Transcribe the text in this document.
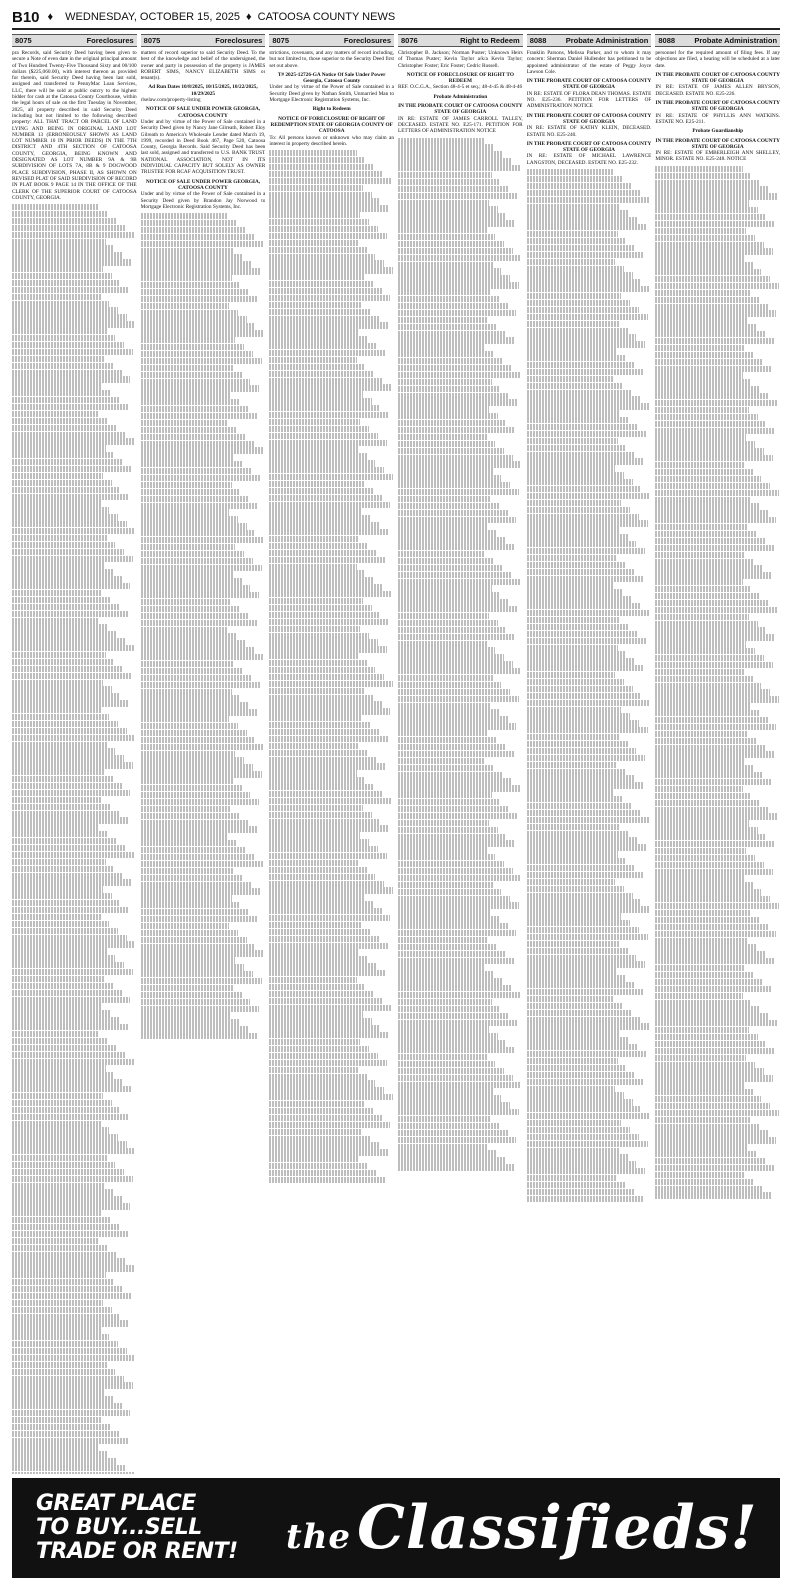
B10 ♦ WEDNESDAY, OCTOBER 15, 2025 ♦ CATOOSA COUNTY NEWS
8075	Foreclosures
pra Records, said Security Deed having been given to secure a Note of even date in the original principal amount of Two Hundred Twenty-Five Thousand Sixty and 00/100 dollars ($225,060.00), with interest thereon as provided for therein, said Security Deed having been last sold, assigned and transferred to PennyMac Loan Services, LLC, there will be sold at public outcry to the highest bidder for cash at the Catoosa County Courthouse, within the legal hours of sale on the first Tuesday in November, 2025, all property described in said Security Deed including but not limited to the following described property: ALL THAT TRACT OR PARCEL OF LAND LYING AND BEING IN ORIGINAL LAND LOT NUMBER 13 (ERRONEOUSLY SHOWN AS LAND LOT NUMBER 10 IN PRIOR DEEDS) IN THE 7TH DISTRICT AND 4TH SECTION OF CATOOSA COUNTY, GEORGIA, BEING KNOWN AND DESIGNATED AS LOT NUMBER 9A & 9B SUBDIVISION OF LOTS 7A, 8B & 9 DOGWOOD PLACE SUBDIVISION, PHASE II, AS SHOWN ON REVISED PLAT OF SAID SUBDIVISION OF RECORD IN PLAT BOOK 9 PAGE 14 IN THE OFFICE OF THE CLERK OF THE SUPERIOR COURT OF CATOOSA COUNTY, GEORGIA.
8075	Foreclosures
matters of record superior to said Security Deed. To the best of the knowledge and belief of the undersigned, the owner and party in possession of the property is JAMES ROBERT SIMS, NANCY ELIZABETH SIMS or tenant(s).
Ad Run Dates 10/8/2025, 10/15/2025, 10/22/2025, 10/29/2025
rlselaw.com/property-listing
NOTICE OF SALE UNDER POWER GEORGIA, CATOOSA COUNTY
Under and by virtue of the Power of Sale contained in a Security Deed given by Nancy Jane Gilreath, Robert Eloy Gilreath to America's Wholesale Lender dated March 19, 1999, recorded in Deed Book 467, Page 520, Catoosa County, Georgia Records. Said Security Deed has been last sold, assigned and transferred to U.S. BANK TRUST NATIONAL ASSOCIATION, NOT IN ITS INDIVIDUAL CAPACITY BUT SOLELY AS OWNER TRUSTEE FOR RCAF ACQUISITION TRUST.
NOTICE OF SALE UNDER POWER GEORGIA, CATOOSA COUNTY
Under and by virtue of the Power of Sale contained in a Security Deed given by Brandon Jay Norwood to Mortgage Electronic Registration Systems, Inc.
8075	Foreclosures
strictions, covenants, and any matters of record including, but not limited to, those superior to the Security Deed first set out above.
T# 2025-12726-GA Notice Of Sale Under Power Georgia, Catoosa County
Under and by virtue of the Power of Sale contained in a Security Deed given by Nathan Smith, Unmarried Man to Mortgage Electronic Registration Systems, Inc.
Right to Redeem
NOTICE OF FORECLOSURE OF RIGHT OF REDEMPTION STATE OF GEORGIA COUNTY OF CATOOSA
To: All persons known or unknown who may claim an interest in property described herein.
8076	Right to Redeem
Christopher B. Jackson; Norman Puster; Unknown Heirs of Thomas Puster; Kevin Taylor a/k/a Kevin Taylor; Christopher Foster; Eric Foster; Cedric Russell.
NOTICE OF FORECLOSURE OF RIGHT TO REDEEM
REF. O.C.G.A., Section 48-4-5 et seq.; 48-4-45 & 48-4-46
Probate Administration
IN THE PROBATE COURT OF CATOOSA COUNTY STATE OF GEORGIA
IN RE: ESTATE OF JAMES CARROLL TALLEY, DECEASED. ESTATE NO. E25-171. PETITION FOR LETTERS OF ADMINISTRATION NOTICE
8088	Probate Administration
Franklin Parsons, Melissa Parker, and to whom it may concern: Sherman Daniel Hullender has petitioned to be appointed administrator of the estate of Peggy Joyce Lawson Cole.
IN THE PROBATE COURT OF CATOOSA COUNTY STATE OF GEORGIA
IN RE: ESTATE OF FLORA DEAN THOMAS. ESTATE NO. E25-236. PETITION FOR LETTERS OF ADMINISTRATION NOTICE
IN THE PROBATE COURT OF CATOOSA COUNTY STATE OF GEORGIA
IN RE: ESTATE OF KATHY KLEIN, DECEASED. ESTATE NO. E25-240.
IN THE PROBATE COURT OF CATOOSA COUNTY STATE OF GEORGIA
IN RE: ESTATE OF MICHAEL LAWRENCE LANGSTON, DECEASED. ESTATE NO. E25-232.
8088	Probate Administration
personnel for the required amount of filing fees. If any objections are filed, a hearing will be scheduled at a later date.
IN THE PROBATE COURT OF CATOOSA COUNTY STATE OF GEORGIA
IN RE: ESTATE OF JAMES ALLEN BRYSON, DECEASED. ESTATE NO. E25-226.
IN THE PROBATE COURT OF CATOOSA COUNTY STATE OF GEORGIA
IN RE: ESTATE OF PHYLLIS ANN WATKINS. ESTATE NO. E25-211.
Probate Guardianship
IN THE PROBATE COURT OF CATOOSA COUNTY STATE OF GEORGIA
IN RE: ESTATE OF EMBERLEIGH ANN SHELLEY, MINOR. ESTATE NO. E25-248. NOTICE
GREAT PLACE
TO BUY...SELL
TRADE OR RENT!	the Classifieds!
